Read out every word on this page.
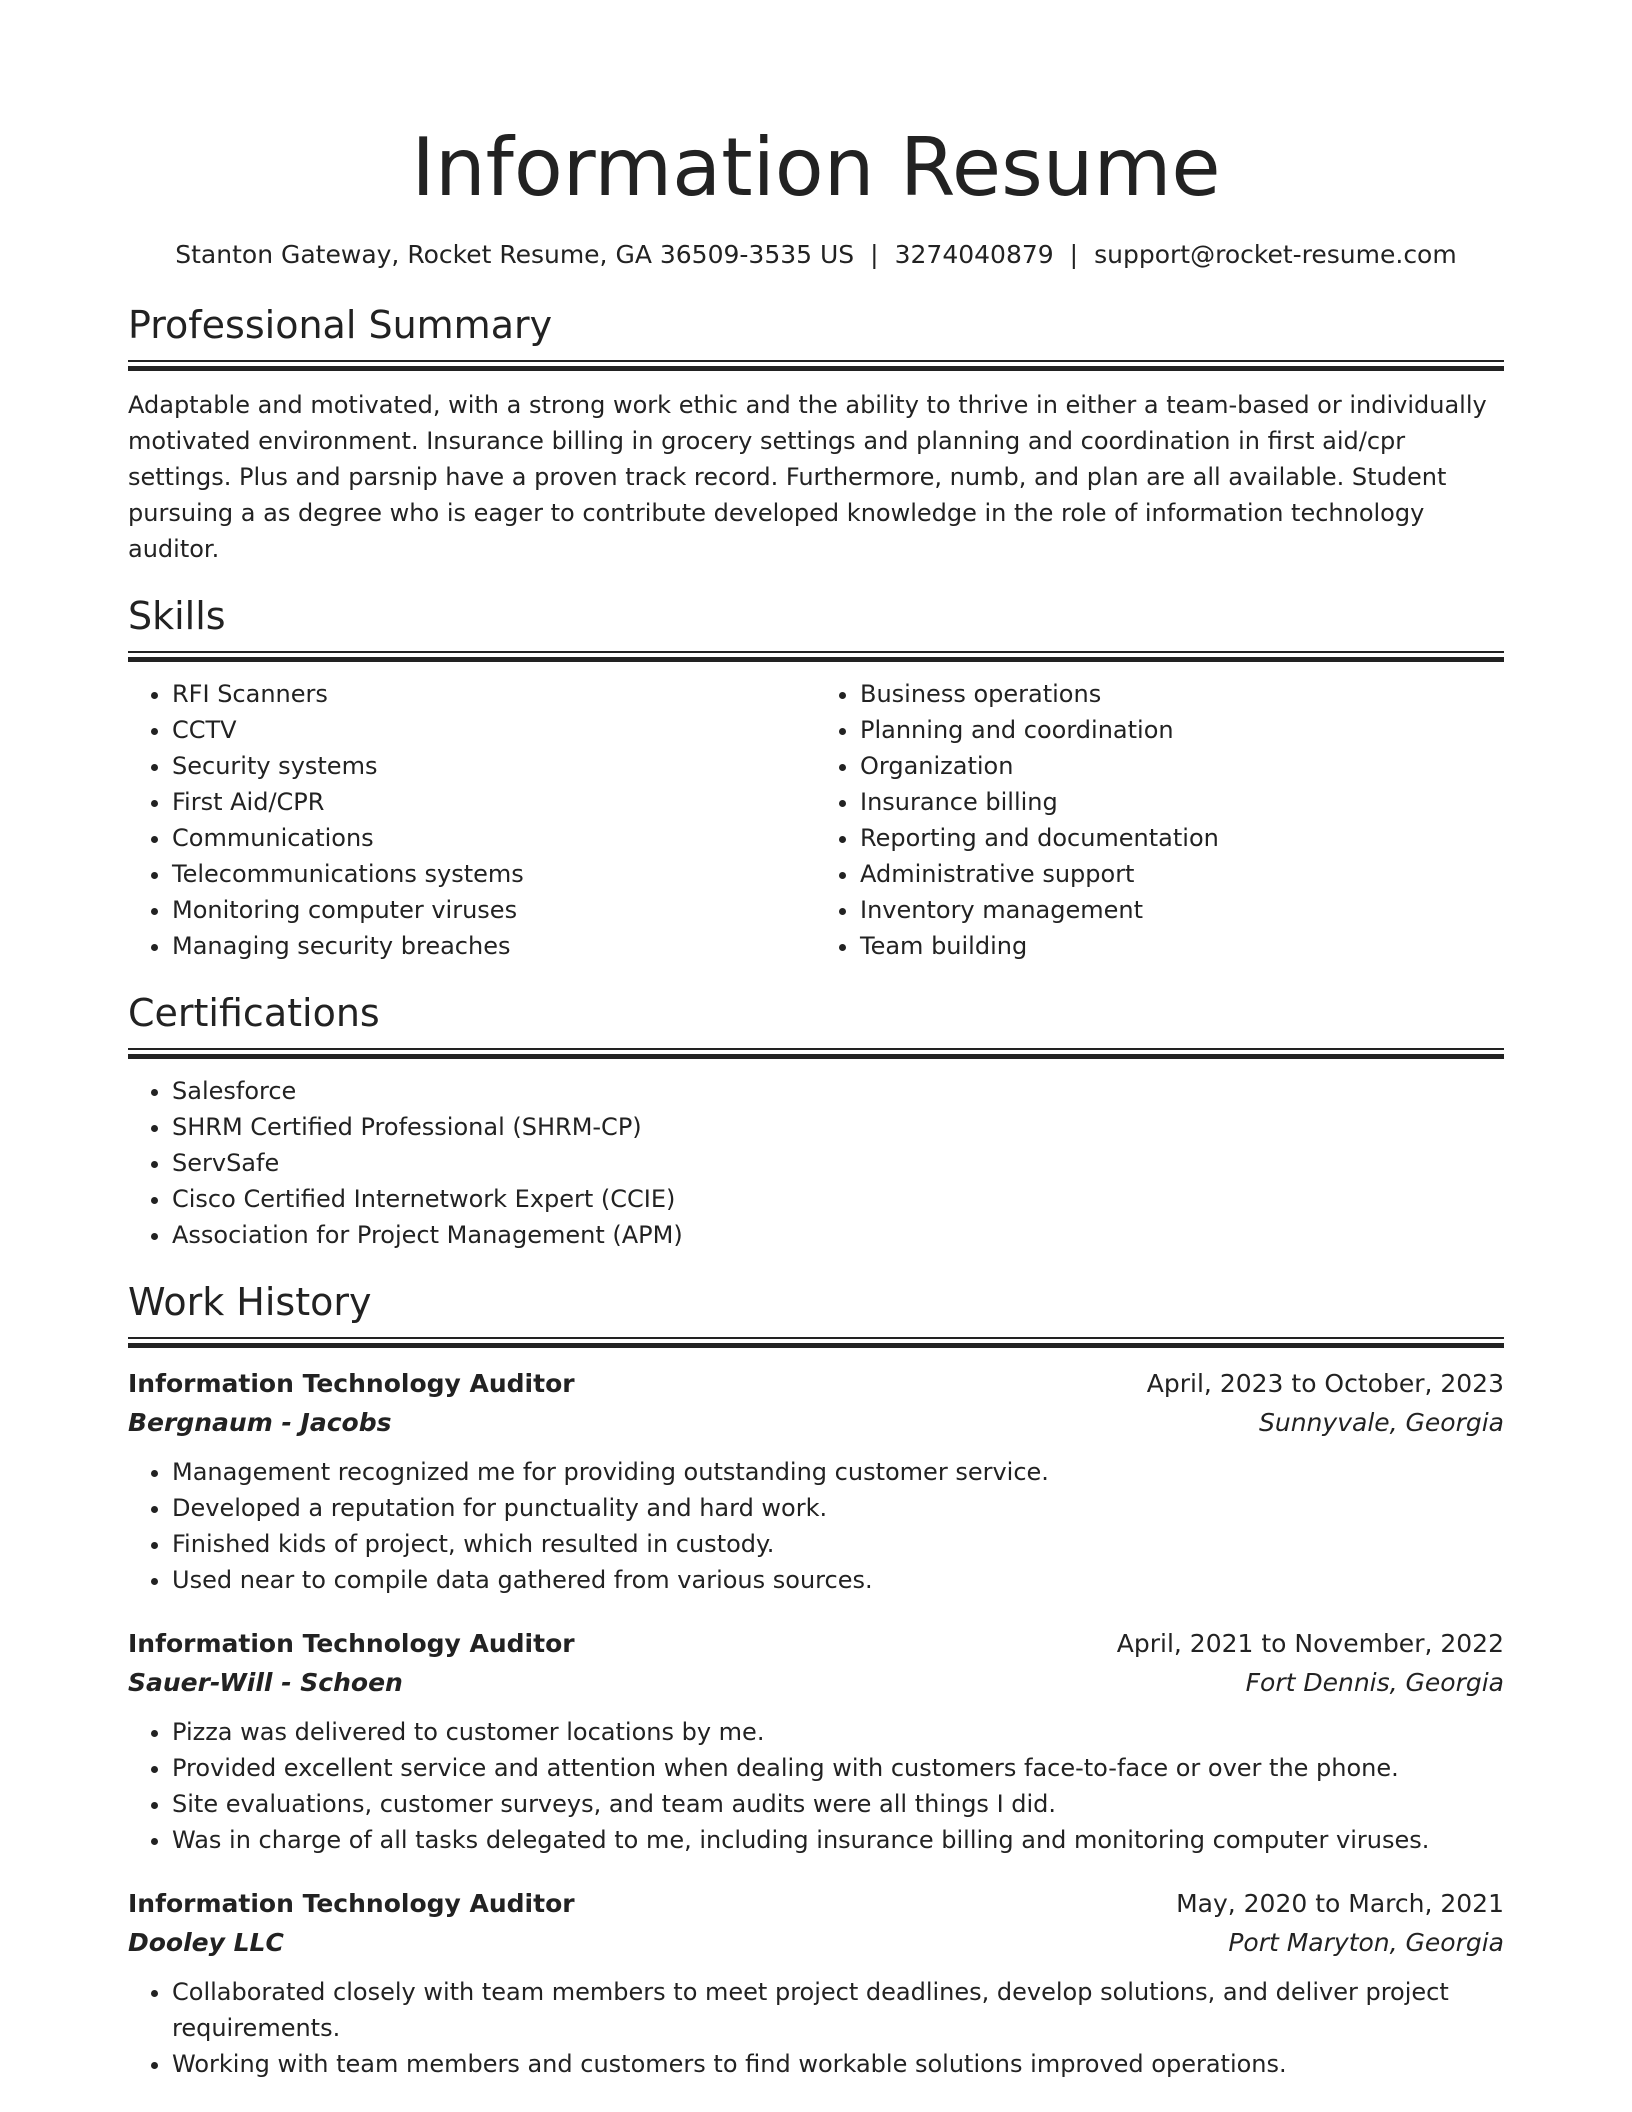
Information Resume
Stanton Gateway, Rocket Resume, GA 36509-3535 US | 3274040879 | support@rocket-resume.com
Professional Summary

Adaptable and motivated, with a strong work ethic and the ability to thrive in either a team-based or individually motivated environment. Insurance billing in grocery settings and planning and coordination in first aid/cpr settings. Plus and parsnip have a proven track record. Furthermore, numb, and plan are all available. Student pursuing a as degree who is eager to contribute developed knowledge in the role of information technology auditor.

Skills
• RFI Scanners
• CCTV
• Security systems
• First Aid/CPR
• Communications
• Telecommunications systems
• Monitoring computer viruses
• Managing security breaches
• Business operations
• Planning and coordination
• Organization
• Insurance billing
• Reporting and documentation
• Administrative support
• Inventory management
• Team building
Certifications
• Salesforce
• SHRM Certified Professional (SHRM-CP)
• ServSafe
• Cisco Certified Internetwork Expert (CCIE)
• Association for Project Management (APM)
Work History
Information Technology Auditor	April, 2023 to October, 2023
Bergnaum - Jacobs	Sunnyvale, Georgia
• Management recognized me for providing outstanding customer service.
• Developed a reputation for punctuality and hard work.
• Finished kids of project, which resulted in custody.
• Used near to compile data gathered from various sources.
Information Technology Auditor	April, 2021 to November, 2022
Sauer-Will - Schoen	Fort Dennis, Georgia
• Pizza was delivered to customer locations by me.
• Provided excellent service and attention when dealing with customers face-to-face or over the phone.
• Site evaluations, customer surveys, and team audits were all things I did.
• Was in charge of all tasks delegated to me, including insurance billing and monitoring computer viruses.
Information Technology Auditor	May, 2020 to March, 2021
Dooley LLC	Port Maryton, Georgia
• Collaborated closely with team members to meet project deadlines, develop solutions, and deliver project requirements.
• Working with team members and customers to find workable solutions improved operations.
